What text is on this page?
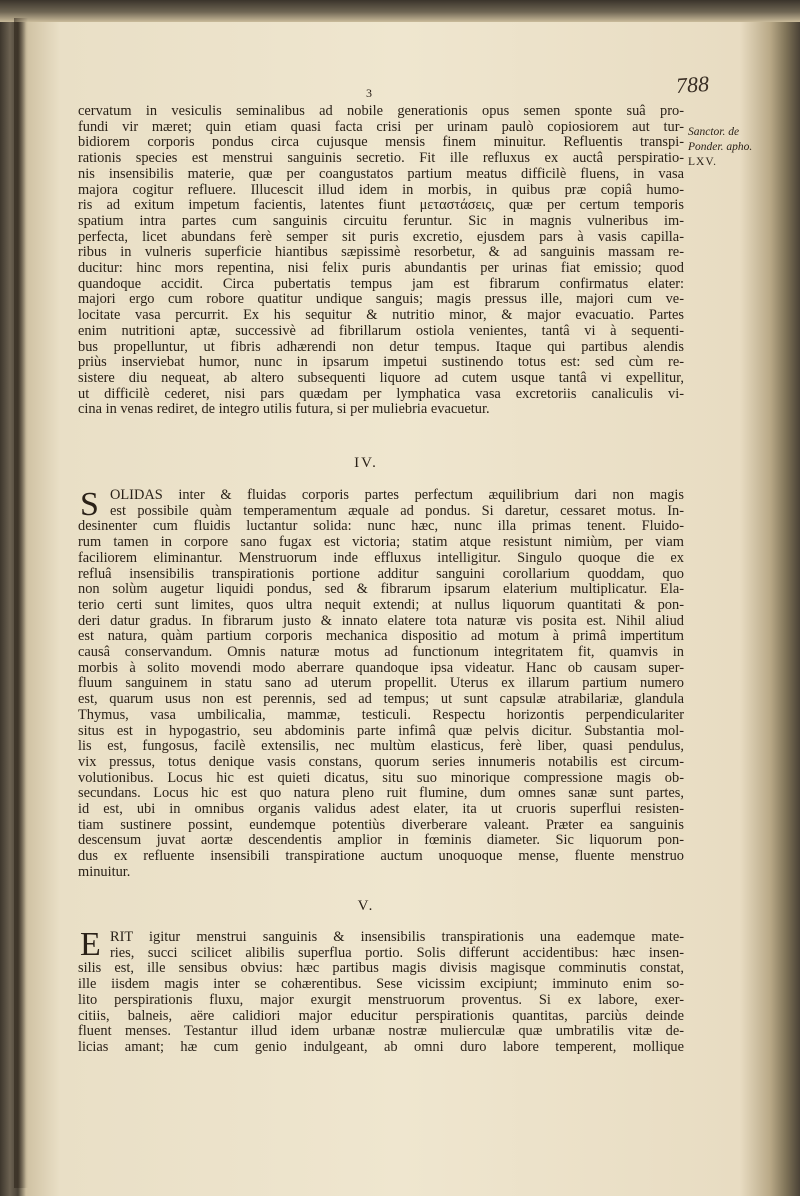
3	788
Sanctor. de
Ponder. apho.
LXV.
cervatum in vesiculis seminalibus ad nobile generationis opus semen sponte suâ pro-
fundi vir mæret; quin etiam quasi facta crisi per urinam paulò copiosiorem aut tur-
bidiorem corporis pondus circa cujusque mensis finem minuitur. Refluentis transpi-
rationis species est menstrui sanguinis secretio. Fit ille refluxus ex auctâ perspiratio-
nis insensibilis materie, quæ per coangustatos partium meatus difficilè fluens, in vasa
majora cogitur refluere. Illucescit illud idem in morbis, in quibus præ copiâ humo-
ris ad exitum impetum facientis, latentes fiunt μεταστάσεις, quæ per certum temporis
spatium intra partes cum sanguinis circuitu feruntur. Sic in magnis vulneribus im-
perfecta, licet abundans ferè semper sit puris excretio, ejusdem pars à vasis capilla-
ribus in vulneris superficie hiantibus sæpissimè resorbetur, & ad sanguinis massam re-
ducitur: hinc mors repentina, nisi felix puris abundantis per urinas fiat emissio; quod
quandoque accidit. Circa pubertatis tempus jam est fibrarum confirmatus elater:
majori ergo cum robore quatitur undique sanguis; magis pressus ille, majori cum ve-
locitate vasa percurrit. Ex his sequitur & nutritio minor, & major evacuatio. Partes
enim nutritioni aptæ, successivè ad fibrillarum ostiola venientes, tantâ vi à sequenti-
bus propelluntur, ut fibris adhærendi non detur tempus. Itaque qui partibus alendis
priùs inserviebat humor, nunc in ipsarum impetui sustinendo totus est: sed cùm re-
sistere diu nequeat, ab altero subsequenti liquore ad cutem usque tantâ vi expellitur,
ut difficilè cederet, nisi pars quædam per lymphatica vasa excretoriis canaliculis vi-
cina in venas rediret, de integro utilis futura, si per muliebria evacuetur.
IV.
S OLIDAS inter & fluidas corporis partes perfectum æquilibrium dari non magis
est possibile quàm temperamentum æquale ad pondus. Si daretur, cessaret motus. In-
desinenter cum fluidis luctantur solida: nunc hæc, nunc illa primas tenent. Fluido-
rum tamen in corpore sano fugax est victoria; statim atque resistunt nimiùm, per viam
faciliorem eliminantur. Menstruorum inde effluxus intelligitur. Singulo quoque die ex
refluâ insensibilis transpirationis portione additur sanguini corollarium quoddam, quo
non solùm augetur liquidi pondus, sed & fibrarum ipsarum elaterium multiplicatur. Ela-
terio certi sunt limites, quos ultra nequit extendi; at nullus liquorum quantitati & pon-
deri datur gradus. In fibrarum justo & innato elatere tota naturæ vis posita est. Nihil aliud
est natura, quàm partium corporis mechanica dispositio ad motum à primâ impertitum
causâ conservandum. Omnis naturæ motus ad functionum integritatem fit, quamvis in
morbis à solito movendi modo aberrare quandoque ipsa videatur. Hanc ob causam super-
fluum sanguinem in statu sano ad uterum propellit. Uterus ex illarum partium numero
est, quarum usus non est perennis, sed ad tempus; ut sunt capsulæ atrabilariæ, glandula
Thymus, vasa umbilicalia, mammæ, testiculi. Respectu horizontis perpendiculariter
situs est in hypogastrio, seu abdominis parte infimâ quæ pelvis dicitur. Substantia mol-
lis est, fungosus, facilè extensilis, nec multùm elasticus, ferè liber, quasi pendulus,
vix pressus, totus denique vasis constans, quorum series innumeris notabilis est circum-
volutionibus. Locus hic est quieti dicatus, situ suo minorique compressione magis ob-
secundans. Locus hic est quo natura pleno ruit flumine, dum omnes sanæ sunt partes,
id est, ubi in omnibus organis validus adest elater, ita ut cruoris superflui resisten-
tiam sustinere possint, eundemque potentiùs diverberare valeant. Præter ea sanguinis
descensum juvat aortæ descendentis amplior in fœminis diameter. Sic liquorum pon-
dus ex refluente insensibili transpiratione auctum unoquoque mense, fluente menstruo
minuitur.
V.
E RIT igitur menstrui sanguinis & insensibilis transpirationis una eademque mate-
ries, succi scilicet alibilis superflua portio. Solis differunt accidentibus: hæc insen-
silis est, ille sensibus obvius: hæc partibus magis divisis magisque comminutis constat,
ille iisdem magis inter se cohærentibus. Sese vicissim excipiunt; imminuto enim so-
lito perspirationis fluxu, major exurgit menstruorum proventus. Si ex labore, exer-
citiis, balneis, aëre calidiori major educitur perspirationis quantitas, parciùs deinde
fluent menses. Testantur illud idem urbanæ nostræ mulierculæ quæ umbratilis vitæ de-
licias amant; hæ cum genio indulgeant, ab omni duro labore temperent, mollique
